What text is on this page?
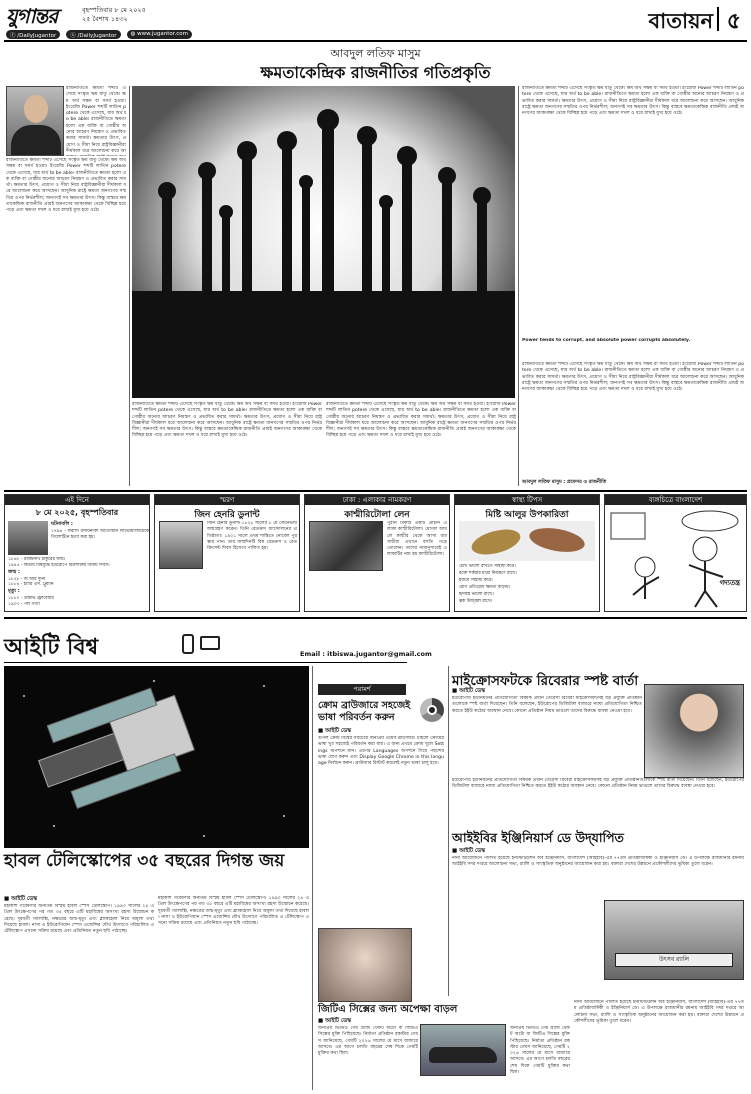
যুগান্তর	বৃহস্পতিবার ৮ মে ২০২৫
২৫ বৈশাখ ১৪৩২
ⓕ /DailyJugantor	ⓧ /DailyJugantor	◍ www.jugantor.com
বাতায়ন ৫
আবদুল লতিফ মাসুম
ক্ষমতাকেন্দ্রিক রাজনীতির গতিপ্রকৃতি
রাজনীতিতে ক্ষমতা শব্দটি এসেছে সংস্কৃত ক্ষম ধাতু থেকে। ক্ষম অর্থ সক্ষম বা সমর্থ হওয়া। ইংরেজি Power শব্দটি লাতিন potere থেকে এসেছে, যার অর্থ to be able। রাজনীতিতে ক্ষমতা হলো এক ব্যক্তি বা গোষ্ঠীর অন্যের আচরণ নিয়ন্ত্রণ ও প্রভাবিত করার সামর্থ্য। ক্ষমতার উৎস, প্রয়োগ ও সীমা নিয়ে রাষ্ট্রবিজ্ঞানীরা দীর্ঘকাল ধরে আলোচনা করে আ
রাজনীতিতে ক্ষমতা শব্দটি এসেছে সংস্কৃত ক্ষম ধাতু থেকে। ক্ষম অর্থ সক্ষম বা সমর্থ হওয়া। ইংরেজি Power শব্দটি লাতিন potere থেকে এসেছে, যার অর্থ to be able। রাজনীতিতে ক্ষমতা হলো এক ব্যক্তি বা গোষ্ঠীর অন্যের আচরণ নিয়ন্ত্রণ ও প্রভাবিত করার সামর্থ্য। ক্ষমতার উৎস, প্রয়োগ ও সীমা নিয়ে রাষ্ট্রবিজ্ঞানীরা দীর্ঘকাল ধরে আলোচনা করে আসছেন। আধুনিক রাষ্ট্রে ক্ষমতা জনগণের সম্মতির ওপর নির্ভরশীল; জনগণই সব ক্ষমতার উৎস। কিন্তু বাস্তবে ক্ষমতাকেন্দ্রিক রাজনীতি প্রায়ই জনগণের আকাঙ্ক্ষা থেকে বিচ্ছিন্ন হয়ে পড়ে এবং ক্ষমতা দখল ও ধরে রাখাই মুখ্য হয়ে ওঠে।
রাজনীতিতে ক্ষমতা শব্দটি এসেছে সংস্কৃত ক্ষম ধাতু থেকে। ক্ষম অর্থ সক্ষম বা সমর্থ হওয়া। ইংরেজি Power শব্দটি লাতিন potere থেকে এসেছে, যার অর্থ to be able। রাজনীতিতে ক্ষমতা হলো এক ব্যক্তি বা গোষ্ঠীর অন্যের আচরণ নিয়ন্ত্রণ ও প্রভাবিত করার সামর্থ্য। ক্ষমতার উৎস, প্রয়োগ ও সীমা নিয়ে রাষ্ট্রবিজ্ঞানীরা দীর্ঘকাল ধরে আলোচনা করে আসছেন। আধুনিক রাষ্ট্রে ক্ষমতা জনগণের সম্মতির ওপর নির্ভরশীল; জনগণই সব ক্ষমতার উৎস। কিন্তু বাস্তবে ক্ষমতাকেন্দ্রিক রাজনীতি প্রায়ই জনগণের আকাঙ্ক্ষা থেকে বিচ্ছিন্ন হয়ে পড়ে এবং ক্ষমতা দখল ও ধরে রাখাই মুখ্য হয়ে ওঠে।
রাজনীতিতে ক্ষমতা শব্দটি এসেছে সংস্কৃত ক্ষম ধাতু থেকে। ক্ষম অর্থ সক্ষম বা সমর্থ হওয়া। ইংরেজি Power শব্দটি লাতিন potere থেকে এসেছে, যার অর্থ to be able। রাজনীতিতে ক্ষমতা হলো এক ব্যক্তি বা গোষ্ঠীর অন্যের আচরণ নিয়ন্ত্রণ ও প্রভাবিত করার সামর্থ্য। ক্ষমতার উৎস, প্রয়োগ ও সীমা নিয়ে রাষ্ট্রবিজ্ঞানীরা দীর্ঘকাল ধরে আলোচনা করে আসছেন। আধুনিক রাষ্ট্রে ক্ষমতা জনগণের সম্মতির ওপর নির্ভরশীল; জনগণই সব ক্ষমতার উৎস। কিন্তু বাস্তবে ক্ষমতাকেন্দ্রিক রাজনীতি প্রায়ই জনগণের আকাঙ্ক্ষা থেকে বিচ্ছিন্ন হয়ে পড়ে এবং ক্ষমতা দখল ও ধরে রাখাই মুখ্য হয়ে ওঠে।
রাজনীতিতে ক্ষমতা শব্দটি এসেছে সংস্কৃত ক্ষম ধাতু থেকে। ক্ষম অর্থ সক্ষম বা সমর্থ হওয়া। ইংরেজি Power শব্দটি লাতিন potere থেকে এসেছে, যার অর্থ to be able। রাজনীতিতে ক্ষমতা হলো এক ব্যক্তি বা গোষ্ঠীর অন্যের আচরণ নিয়ন্ত্রণ ও প্রভাবিত করার সামর্থ্য। ক্ষমতার উৎস, প্রয়োগ ও সীমা নিয়ে রাষ্ট্রবিজ্ঞানীরা দীর্ঘকাল ধরে আলোচনা করে আসছেন। আধুনিক রাষ্ট্রে ক্ষমতা জনগণের সম্মতির ওপর নির্ভরশীল; জনগণই সব ক্ষমতার উৎস। কিন্তু বাস্তবে ক্ষমতাকেন্দ্রিক রাজনীতি প্রায়ই জনগণের আকাঙ্ক্ষা থেকে বিচ্ছিন্ন হয়ে পড়ে এবং ক্ষমতা দখল ও ধরে রাখাই মুখ্য হয়ে ওঠে।
Power tends to corrupt, and absolute power corrupts absolutely.
রাজনীতিতে ক্ষমতা শব্দটি এসেছে সংস্কৃত ক্ষম ধাতু থেকে। ক্ষম অর্থ সক্ষম বা সমর্থ হওয়া। ইংরেজি Power শব্দটি লাতিন potere থেকে এসেছে, যার অর্থ to be able। রাজনীতিতে ক্ষমতা হলো এক ব্যক্তি বা গোষ্ঠীর অন্যের আচরণ নিয়ন্ত্রণ ও প্রভাবিত করার সামর্থ্য। ক্ষমতার উৎস, প্রয়োগ ও সীমা নিয়ে রাষ্ট্রবিজ্ঞানীরা দীর্ঘকাল ধরে আলোচনা করে আসছেন। আধুনিক রাষ্ট্রে ক্ষমতা জনগণের সম্মতির ওপর নির্ভরশীল; জনগণই সব ক্ষমতার উৎস। কিন্তু বাস্তবে ক্ষমতাকেন্দ্রিক রাজনীতি প্রায়ই জনগণের আকাঙ্ক্ষা থেকে বিচ্ছিন্ন হয়ে পড়ে এবং ক্ষমতা দখল ও ধরে রাখাই মুখ্য হয়ে ওঠে।
আবদুল লতিফ মাসুম : প্রফেসর ও রাজনীতি
এই দিনে
৮ মে ২০২৫, বৃহস্পতিবার
ঘটনাবলি :
১৭৯৪ - ফরাসি রসায়নবিদ আঁতোয়ান লাভোয়াজিয়েকে গিলোটিনে হত্যা করা হয়।
১৮৬২ - রবীন্দ্রনাথ ঠাকুরের জন্ম।
১৯৪৫ - দ্বিতীয় বিশ্বযুদ্ধে ইউরোপে মিত্রশক্তির বিজয় দিবস।
জন্ম :
১৮২৮ - জঁ অঁরি দ্যুনাঁ
১৮৮৪ - হ্যারি এস. ট্রুম্যান
মৃত্যু :
১৮৮০ - গুস্তাভ ফ্লোবেয়ার
১৯০৩ - পল গঁগ্যা
স্মরণ
জিন হেনরি ডুনান্ট
জিন হেনরি ডুনান্ট ১৮২৮ সালের ৮ মে জেনেভায় জন্মগ্রহণ করেন। তিনি রেডক্রস আন্দোলনের প্রতিষ্ঠাতা। ১৯০১ সালে প্রথম শান্তিতে নোবেল পুরস্কার পান। তার জন্মদিনটি বিশ্ব রেডক্রস ও রেড ক্রিসেন্ট দিবস হিসেবে পালিত হয়।
ঢাকা : এলাকার নামকরণ
কাশ্মীরিটোলা লেন
পুরান ঢাকার একটি প্রাচীন এলাকা কাশ্মীরিটোলা। মোগল আমলে কাশ্মীর থেকে আসা ব্যবসায়ীরা এখানে বসতি গড়ে তোলেন। তাদের নামানুসারেই এলাকাটির নাম হয় কাশ্মীরিটোলা।
স্বাস্থ্য টিপস
মিষ্টি আলুর উপকারিতা
চোখ ভালো রাখতে সাহায্য করে।
রক্তে শর্করার মাত্রা নিয়ন্ত্রণে রাখে।
হজমে সাহায্য করে।
রোগ প্রতিরোধ ক্ষমতা বাড়ায়।
হৃদযন্ত্র ভালো রাখে।
ত্বক উজ্জ্বল রাখে।
ব্যঙ্গচিত্রে বাংলাদেশ
গদ্যতন্ত্র
আইটি বিশ্ব	Email : itbiswa.jugantor@gmail.com
হাবল টেলিস্কোপের ৩৫ বছরের দিগন্ত জয়
■ আইটি ডেস্ক
মহাকাশ গবেষণার অন্যতম বিস্ময় হাবল স্পেস টেলিস্কোপ। ১৯৯০ সালের ২৪ এপ্রিল উৎক্ষেপণের পর গত ৩৫ বছরে এটি মহাবিশ্বের অসংখ্য রহস্য উন্মোচন করেছে। দূরবর্তী গ্যালাক্সি, নক্ষত্রের জন্ম-মৃত্যু এবং ব্ল্যাকহোল নিয়ে অমূল্য তথ্য দিয়েছে হাবল। নাসা ও ইউরোপিয়ান স্পেস এজেন্সির যৌথ উদ্যোগে পরিচালিত এ টেলিস্কোপ এখনো সক্রিয় রয়েছে এবং প্রতিনিয়ত নতুন ছবি পাঠাচ্ছে।
মহাকাশ গবেষণার অন্যতম বিস্ময় হাবল স্পেস টেলিস্কোপ। ১৯৯০ সালের ২৪ এপ্রিল উৎক্ষেপণের পর গত ৩৫ বছরে এটি মহাবিশ্বের অসংখ্য রহস্য উন্মোচন করেছে। দূরবর্তী গ্যালাক্সি, নক্ষত্রের জন্ম-মৃত্যু এবং ব্ল্যাকহোল নিয়ে অমূল্য তথ্য দিয়েছে হাবল। নাসা ও ইউরোপিয়ান স্পেস এজেন্সির যৌথ উদ্যোগে পরিচালিত এ টেলিস্কোপ এখনো সক্রিয় রয়েছে এবং প্রতিনিয়ত নতুন ছবি পাঠাচ্ছে।
পরামর্শ
ক্রোম ব্রাউজারে সহজেই ভাষা পরিবর্তন করুন
■ আইটি ডেস্ক
গুগল ক্রোম বিশ্বের সবচেয়ে জনপ্রিয় ওয়েব ব্রাউজার। চাইলে ক্রোমের ভাষা খুব সহজেই পরিবর্তন করা যায়। এ জন্য প্রথমে ক্রোম খুলে Settings অপশনে যান। এরপর Languages অপশনে গিয়ে পছন্দের ভাষা যোগ করুন এবং Display Google Chrome in this language নির্বাচন করুন। ব্রাউজার রিস্টার্ট করলেই নতুন ভাষা চালু হবে।
জিটিএ সিক্সের জন্য অপেক্ষা বাড়ল
■ আইটি ডেস্ক
জনপ্রিয় ভিডিও গেম গ্র্যান্ড থেফট অটো বা জিটিএ সিক্সের মুক্তি পিছিয়েছে। নির্মাতা প্রতিষ্ঠান রকস্টার গেমস জানিয়েছে, গেমটি ২০২৬ সালের মে মাসে বাজারে আসবে। এর আগে চলতি বছরের শেষ দিকে গেমটি মুক্তির কথা ছিল।
জনপ্রিয় ভিডিও গেম গ্র্যান্ড থেফট অটো বা জিটিএ সিক্সের মুক্তি পিছিয়েছে। নির্মাতা প্রতিষ্ঠান রকস্টার গেমস জানিয়েছে, গেমটি ২০২৬ সালের মে মাসে বাজারে আসবে। এর আগে চলতি বছরের শেষ দিকে গেমটি মুক্তির কথা ছিল।
মাইক্রোসফটকে রিবেরার স্পষ্ট বার্তা
■ আইটি ডেস্ক
ইউরোপীয় ইউনিয়নের প্রতিযোগিতা বিষয়ক প্রধান তেরেসা রিবেরা মাইক্রোসফটসহ বড় প্রযুক্তি প্রতিষ্ঠানগুলোকে স্পষ্ট বার্তা দিয়েছেন। তিনি বলেছেন, ইউরোপের ডিজিটাল বাজারে ন্যায্য প্রতিযোগিতা নিশ্চিত করতে ইইউ কঠোর অবস্থান নেবে। কোনো প্রতিষ্ঠান নিয়ম ভাঙলে তাদের বিরুদ্ধে ব্যবস্থা নেওয়া হবে।
ইউরোপীয় ইউনিয়নের প্রতিযোগিতা বিষয়ক প্রধান তেরেসা রিবেরা মাইক্রোসফটসহ বড় প্রযুক্তি প্রতিষ্ঠানগুলোকে স্পষ্ট বার্তা দিয়েছেন। তিনি বলেছেন, ইউরোপের ডিজিটাল বাজারে ন্যায্য প্রতিযোগিতা নিশ্চিত করতে ইইউ কঠোর অবস্থান নেবে। কোনো প্রতিষ্ঠান নিয়ম ভাঙলে তাদের বিরুদ্ধে ব্যবস্থা নেওয়া হবে।
আইইবির ইঞ্জিনিয়ার্স ডে উদ্‌যাপিত
■ আইটি ডেস্ক
নানা আয়োজনে পালিত হয়েছে ইনস্টিটিউশন অব ইঞ্জিনিয়ার্স, বাংলাদেশ (আইইবি)-এর ৭৭তম প্রতিষ্ঠাবার্ষিকী ও ইঞ্জিনিয়ার্স ডে। এ উপলক্ষে রাজধানীর রমনায় আইইবি সদর দপ্তরে আলোচনা সভা, র‍্যালি ও সাংস্কৃতিক অনুষ্ঠানের আয়োজন করা হয়। বক্তারা দেশের উন্নয়নে প্রকৌশলীদের ভূমিকা তুলে ধরেন।
উৎসব র‍্যালি
নানা আয়োজনে পালিত হয়েছে ইনস্টিটিউশন অব ইঞ্জিনিয়ার্স, বাংলাদেশ (আইইবি)-এর ৭৭তম প্রতিষ্ঠাবার্ষিকী ও ইঞ্জিনিয়ার্স ডে। এ উপলক্ষে রাজধানীর রমনায় আইইবি সদর দপ্তরে আলোচনা সভা, র‍্যালি ও সাংস্কৃতিক অনুষ্ঠানের আয়োজন করা হয়। বক্তারা দেশের উন্নয়নে প্রকৌশলীদের ভূমিকা তুলে ধরেন।
